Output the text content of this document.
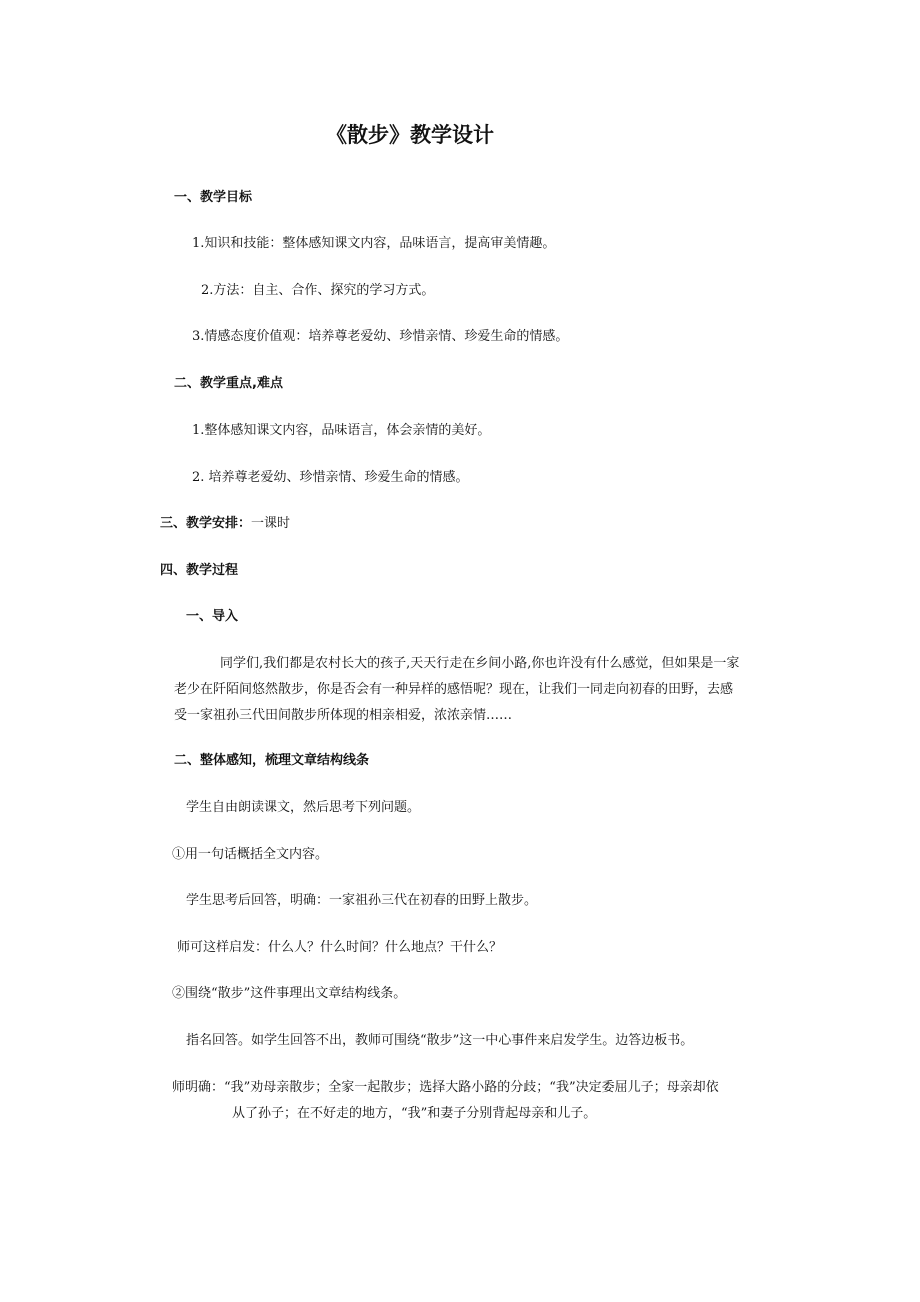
《散步》教学设计
一、教学目标
1.知识和技能：整体感知课文内容，品味语言，提高审美情趣。
2.方法：自主、合作、探究的学习方式。
3.情感态度价值观：培养尊老爱幼、珍惜亲情、珍爱生命的情感。
二、教学重点,难点
1.整体感知课文内容，品味语言，体会亲情的美好。
2. 培养尊老爱幼、珍惜亲情、珍爱生命的情感。
三、教学安排：一课时
四、教学过程
一、导入
同学们,我们都是农村长大的孩子,天天行走在乡间小路,你也许没有什么感觉，但如果是一家
老少在阡陌间悠然散步，你是否会有一种异样的感悟呢？现在，让我们一同走向初春的田野，去感
受一家祖孙三代田间散步所体现的相亲相爱，浓浓亲情……
二、整体感知，梳理文章结构线条
学生自由朗读课文，然后思考下列问题。
①用一句话概括全文内容。
学生思考后回答，明确：一家祖孙三代在初春的田野上散步。
师可这样启发：什么人？什么时间？什么地点？干什么？
②围绕“散步”这件事理出文章结构线条。
指名回答。如学生回答不出，教师可围绕“散步”这一中心事件来启发学生。边答边板书。
师明确：“我”劝母亲散步；全家一起散步；选择大路小路的分歧；“我”决定委屈儿子；母亲却依
从了孙子；在不好走的地方，“我”和妻子分别背起母亲和儿子。
